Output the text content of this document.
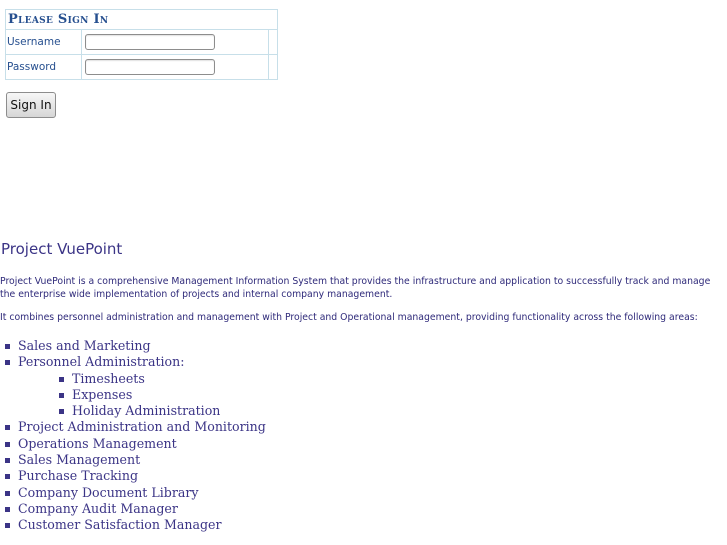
Please Sign In		
Username	

Password	

Sign In
Project VuePoint

Project VuePoint is a comprehensive Management Information System that provides the infrastructure and application to successfully track and manage the enterprise wide implementation of projects and internal company management.

It combines personnel administration and management with Project and Operational management, providing functionality across the following areas:

Sales and Marketing
Personnel Administration:
Timesheets
Expenses
Holiday Administration
Project Administration and Monitoring
Operations Management
Sales Management
Purchase Tracking
Company Document Library
Company Audit Manager
Customer Satisfaction Manager
